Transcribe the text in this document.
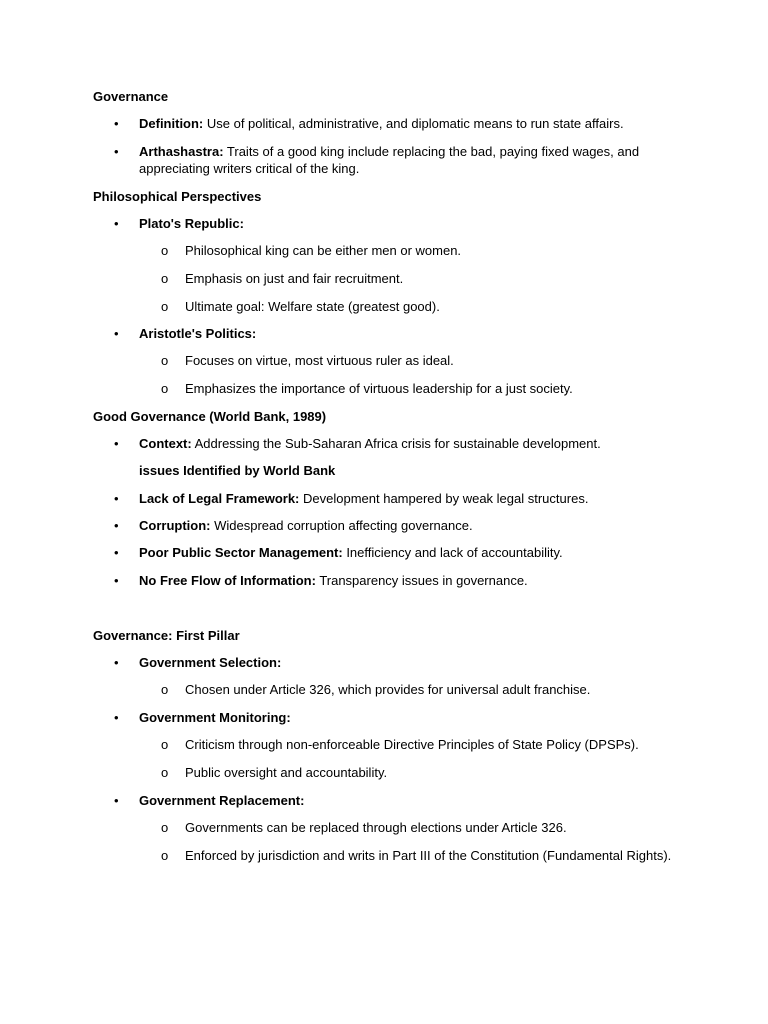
Governance
• Definition: Use of political, administrative, and diplomatic means to run state affairs.
• Arthashastra: Traits of a good king include replacing the bad, paying fixed wages, and
appreciating writers critical of the king.
Philosophical Perspectives
• Plato's Republic:
o Philosophical king can be either men or women.
o Emphasis on just and fair recruitment.
o Ultimate goal: Welfare state (greatest good).
• Aristotle's Politics:
o Focuses on virtue, most virtuous ruler as ideal.
o Emphasizes the importance of virtuous leadership for a just society.
Good Governance (World Bank, 1989)
• Context: Addressing the Sub-Saharan Africa crisis for sustainable development.
issues Identified by World Bank
• Lack of Legal Framework: Development hampered by weak legal structures.
• Corruption: Widespread corruption affecting governance.
• Poor Public Sector Management: Inefficiency and lack of accountability.
• No Free Flow of Information: Transparency issues in governance.
Governance: First Pillar
• Government Selection:
o Chosen under Article 326, which provides for universal adult franchise.
• Government Monitoring:
o Criticism through non-enforceable Directive Principles of State Policy (DPSPs).
o Public oversight and accountability.
• Government Replacement:
o Governments can be replaced through elections under Article 326.
o Enforced by jurisdiction and writs in Part III of the Constitution (Fundamental Rights).
